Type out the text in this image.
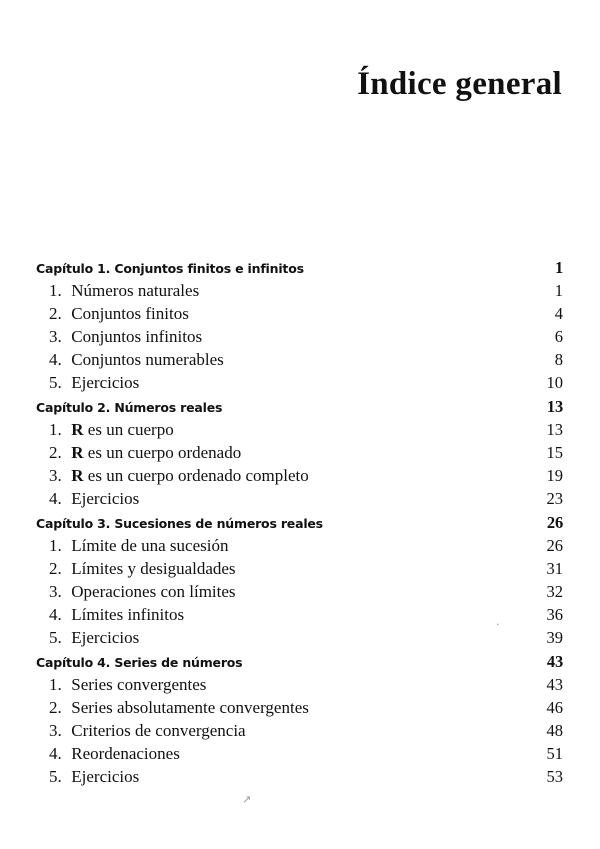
Índice general
Capítulo 1. Conjuntos finitos e infinitos	1
1. Números naturales	1
2. Conjuntos finitos	4
3. Conjuntos infinitos	6
4. Conjuntos numerables	8
5. Ejercicios	10
Capítulo 2. Números reales	13
1. R es un cuerpo	13
2. R es un cuerpo ordenado	15
3. R es un cuerpo ordenado completo	19
4. Ejercicios	23
Capítulo 3. Sucesiones de números reales	26
1. Límite de una sucesión	26
2. Límites y desigualdades	31
3. Operaciones con límites	32
4. Límites infinitos	36
5. Ejercicios	39
Capítulo 4. Series de números	43
1. Series convergentes	43
2. Series absolutamente convergentes	46
3. Criterios de convergencia	48
4. Reordenaciones	51
5. Ejercicios	53
·
↗
